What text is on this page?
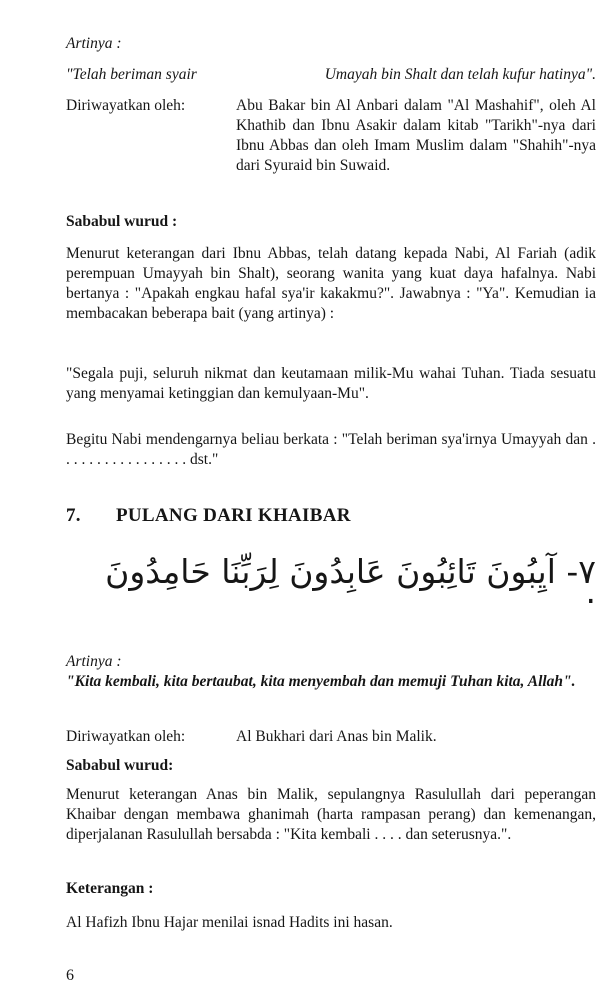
Artinya :

"Telah beriman syair	Umayah bin Shalt dan telah kufur hatinya".
Diriwayatkan oleh:	Abu Bakar bin Al Anbari dalam "Al Mashahif", oleh Al Khathib dan Ibnu Asakir dalam kitab "Tarikh"-nya dari Ibnu Abbas dan oleh Imam Muslim dalam "Shahih"-nya dari Syuraid bin Suwaid.

Sababul wurud :

Menurut keterangan dari Ibnu Abbas, telah datang kepada Nabi, Al Fariah (adik perempuan Umayyah bin Shalt), seorang wanita yang kuat daya hafalnya. Nabi bertanya : "Apakah engkau hafal sya'ir kakakmu?". Jawabnya : "Ya". Kemudian ia membacakan beberapa bait (yang artinya) :

"Segala puji, seluruh nikmat dan keutamaan milik-Mu wahai Tuhan. Tiada sesuatu yang menyamai ketinggian dan kemulyaan-Mu".

Begitu Nabi mendengarnya beliau berkata : "Telah beriman sya'irnya Umayyah dan . . . . . . . . . . . . . . . . . dst."

7. PULANG DARI KHAIBAR
٧- آيِبُونَ تَائِبُونَ عَابِدُونَ لِرَبِّنَا حَامِدُونَ .

Artinya :

"Kita kembali, kita bertaubat, kita menyembah dan memuji Tuhan kita, Allah".

Diriwayatkan oleh:	Al Bukhari dari Anas bin Malik.

Sababul wurud:

Menurut keterangan Anas bin Malik, sepulangnya Rasulullah dari peperangan Khaibar dengan membawa ghanimah (harta rampasan perang) dan kemenangan, diperjalanan Rasulullah bersabda : "Kita kembali . . . . dan seterusnya.".

Keterangan :

Al Hafizh Ibnu Hajar menilai isnad Hadits ini hasan.

6
